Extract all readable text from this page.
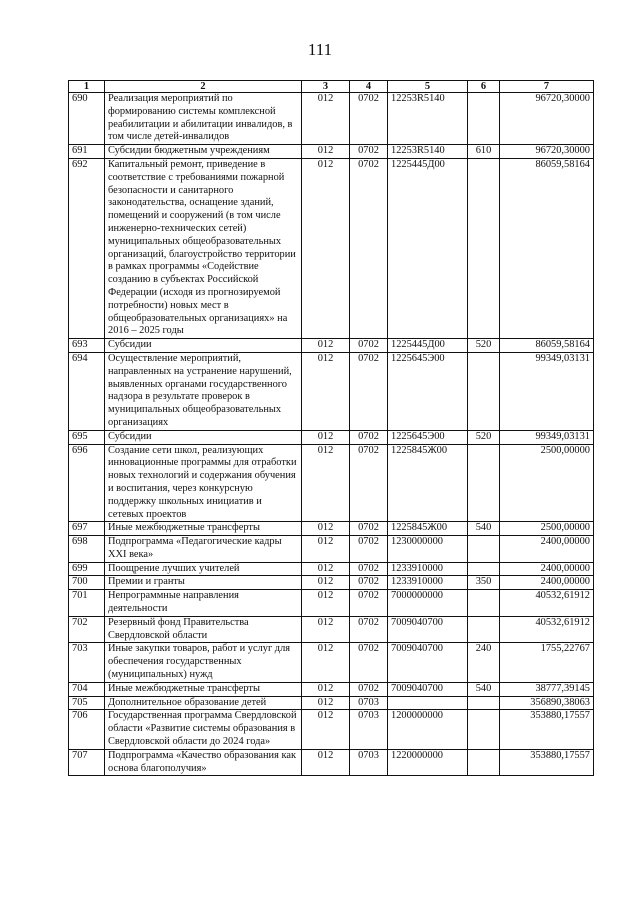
111
1	2	3	4	5	6	7
690	Реализация мероприятий по формированию системы комплексной реабилитации и абилитации инвалидов, в том числе детей-инвалидов	012	0702	12253R5140		96720,30000
691	Субсидии бюджетным учреждениям	012	0702	12253R5140	610	96720,30000
692	Капитальный ремонт, приведение в соответствие с требованиями пожарной безопасности и санитарного законодательства, оснащение зданий, помещений и сооружений (в том числе инженерно-технических сетей) муниципальных общеобразовательных организаций, благоустройство территории в рамках программы «Содействие созданию в субъектах Российской Федерации (исходя из прогнозируемой потребности) новых мест в общеобразовательных организациях» на 2016 – 2025 годы	012	0702	1225445Д00		86059,58164
693	Субсидии	012	0702	1225445Д00	520	86059,58164
694	Осуществление мероприятий, направленных на устранение нарушений, выявленных органами государственного надзора в результате проверок в муниципальных общеобразовательных организациях	012	0702	1225645Э00		99349,03131
695	Субсидии	012	0702	1225645Э00	520	99349,03131
696	Создание сети школ, реализующих инновационные программы для отработки новых технологий и содержания обучения и воспитания, через конкурсную поддержку школьных инициатив и сетевых проектов	012	0702	1225845Ж00		2500,00000
697	Иные межбюджетные трансферты	012	0702	1225845Ж00	540	2500,00000
698	Подпрограмма «Педагогические кадры XXI века»	012	0702	1230000000		2400,00000
699	Поощрение лучших учителей	012	0702	1233910000		2400,00000
700	Премии и гранты	012	0702	1233910000	350	2400,00000
701	Непрограммные направления деятельности	012	0702	7000000000		40532,61912
702	Резервный фонд Правительства Свердловской области	012	0702	7009040700		40532,61912
703	Иные закупки товаров, работ и услуг для обеспечения государственных (муниципальных) нужд	012	0702	7009040700	240	1755,22767
704	Иные межбюджетные трансферты	012	0702	7009040700	540	38777,39145
705	Дополнительное образование детей	012	0703			356890,38063
706	Государственная программа Свердловской области «Развитие системы образования в Свердловской области до 2024 года»	012	0703	1200000000		353880,17557
707	Подпрограмма «Качество образования как основа благополучия»	012	0703	1220000000		353880,17557
